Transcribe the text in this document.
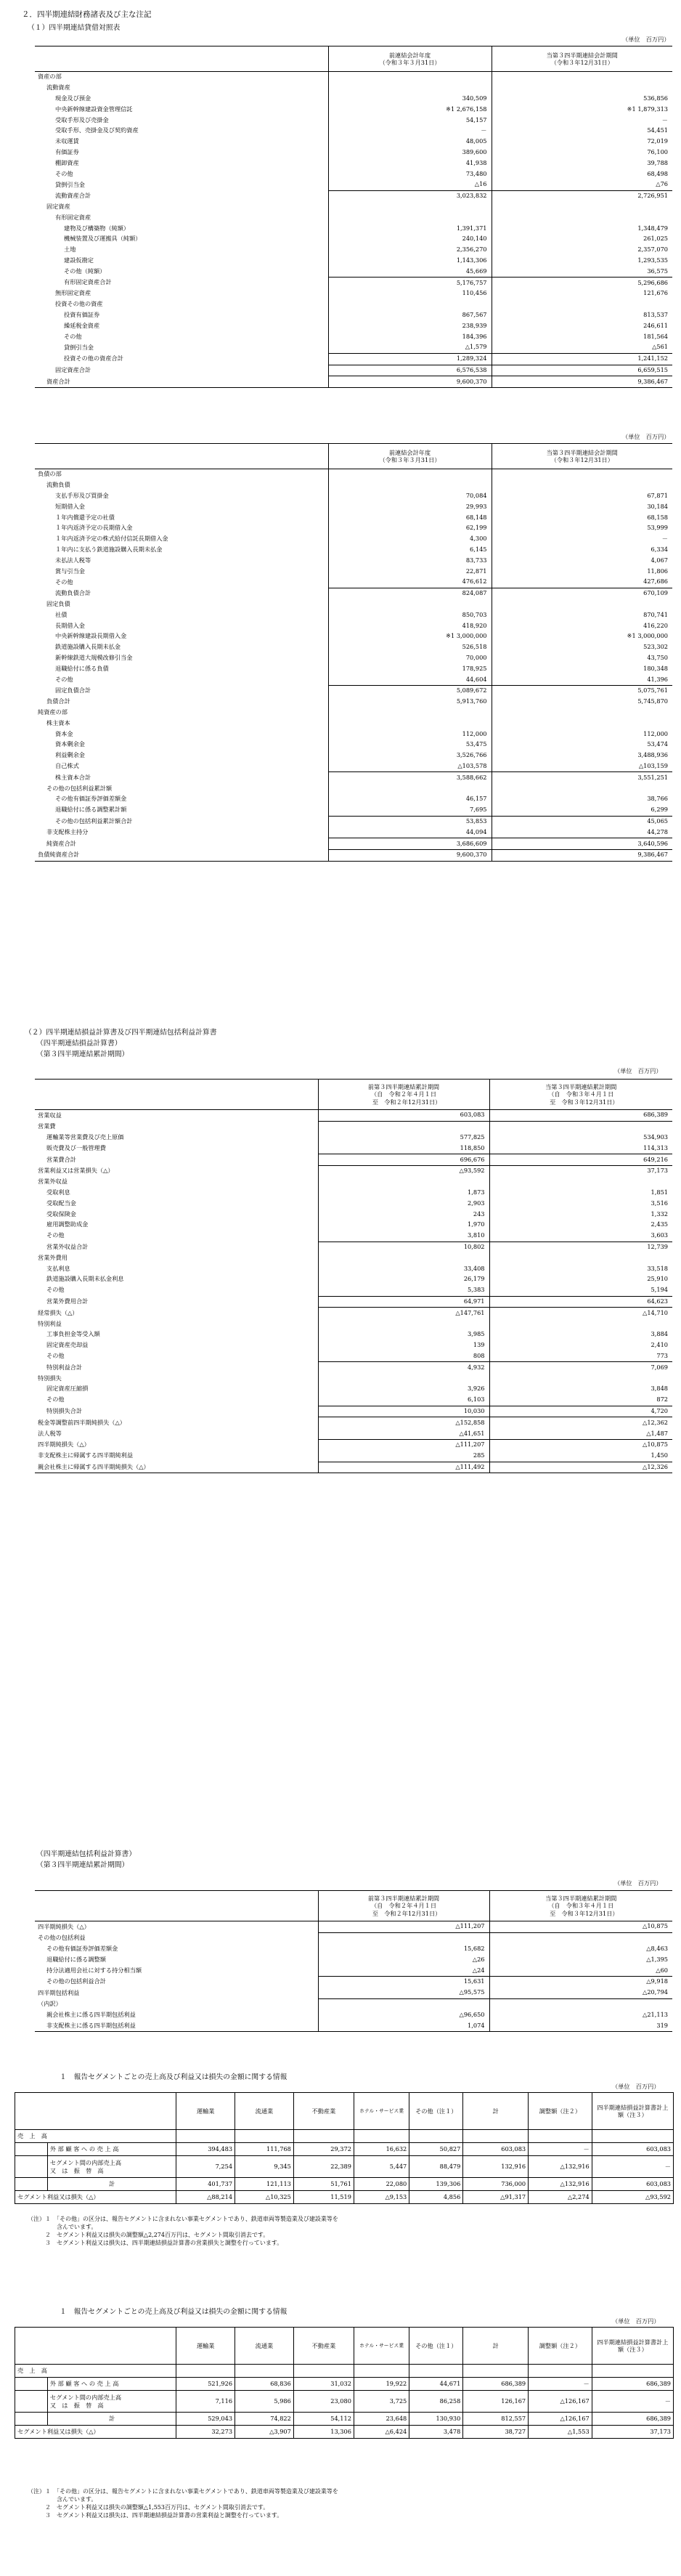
２．四半期連結財務諸表及び主な注記
（１）四半期連結貸借対照表
（単位　百万円）
	前連結会計年度
（令和３年３月31日）	当第３四半期連結会計期間
（令和３年12月31日）
資産の部		
流動資産		
現金及び預金	340,509	536,856
中央新幹線建設資金管理信託	※1 2,676,158	※1 1,879,313
受取手形及び売掛金	54,157	－
受取手形、売掛金及び契約資産	－	54,451
未収運賃	48,005	72,019
有価証券	389,600	76,100
棚卸資産	41,938	39,788
その他	73,480	68,498
貸倒引当金	△16	△76
流動資産合計	3,023,832	2,726,951
固定資産		
有形固定資産		
建物及び構築物（純額）	1,391,371	1,348,479
機械装置及び運搬具（純額）	240,140	261,025
土地	2,356,270	2,357,070
建設仮勘定	1,143,306	1,293,535
その他（純額）	45,669	36,575
有形固定資産合計	5,176,757	5,296,686
無形固定資産	110,456	121,676
投資その他の資産		
投資有価証券	867,567	813,537
繰延税金資産	238,939	246,611
その他	184,396	181,564
貸倒引当金	△1,579	△561
投資その他の資産合計	1,289,324	1,241,152
固定資産合計	6,576,538	6,659,515
資産合計	9,600,370	9,386,467
（単位　百万円）
	前連結会計年度
（令和３年３月31日）	当第３四半期連結会計期間
（令和３年12月31日）
負債の部		
流動負債		
支払手形及び買掛金	70,084	67,871
短期借入金	29,993	30,184
１年内償還予定の社債	68,148	68,158
１年内返済予定の長期借入金	62,199	53,999
１年内返済予定の株式給付信託長期借入金	4,300	－
１年内に支払う鉄道施設購入長期未払金	6,145	6,334
未払法人税等	83,733	4,067
賞与引当金	22,871	11,806
その他	476,612	427,686
流動負債合計	824,087	670,109
固定負債		
社債	850,703	870,741
長期借入金	418,920	416,220
中央新幹線建設長期借入金	※1 3,000,000	※1 3,000,000
鉄道施設購入長期未払金	526,518	523,302
新幹線鉄道大規模改修引当金	70,000	43,750
退職給付に係る負債	178,925	180,348
その他	44,604	41,396
固定負債合計	5,089,672	5,075,761
負債合計	5,913,760	5,745,870
純資産の部		
株主資本		
資本金	112,000	112,000
資本剰余金	53,475	53,474
利益剰余金	3,526,766	3,488,936
自己株式	△103,578	△103,159
株主資本合計	3,588,662	3,551,251
その他の包括利益累計額		
その他有価証券評価差額金	46,157	38,766
退職給付に係る調整累計額	7,695	6,299
その他の包括利益累計額合計	53,853	45,065
非支配株主持分	44,094	44,278
純資産合計	3,686,609	3,640,596
負債純資産合計	9,600,370	9,386,467
（２）四半期連結損益計算書及び四半期連結包括利益計算書
（四半期連結損益計算書）
（第３四半期連結累計期間）
（単位　百万円）
	前第３四半期連結累計期間
（自　令和２年４月１日
　至　令和２年12月31日）	当第３四半期連結累計期間
（自　令和３年４月１日
　至　令和３年12月31日）
営業収益	603,083	686,389
営業費		
運輸業等営業費及び売上原価	577,825	534,903
販売費及び一般管理費	118,850	114,313
営業費合計	696,676	649,216
営業利益又は営業損失（△）	△93,592	37,173
営業外収益		
受取利息	1,873	1,851
受取配当金	2,903	3,516
受取保険金	243	1,332
雇用調整助成金	1,970	2,435
その他	3,810	3,603
営業外収益合計	10,802	12,739
営業外費用		
支払利息	33,408	33,518
鉄道施設購入長期未払金利息	26,179	25,910
その他	5,383	5,194
営業外費用合計	64,971	64,623
経常損失（△）	△147,761	△14,710
特別利益		
工事負担金等受入額	3,985	3,884
固定資産売却益	139	2,410
その他	808	773
特別利益合計	4,932	7,069
特別損失		
固定資産圧縮損	3,926	3,848
その他	6,103	872
特別損失合計	10,030	4,720
税金等調整前四半期純損失（△）	△152,858	△12,362
法人税等	△41,651	△1,487
四半期純損失（△）	△111,207	△10,875
非支配株主に帰属する四半期純利益	285	1,450
親会社株主に帰属する四半期純損失（△）	△111,492	△12,326
（四半期連結包括利益計算書）
（第３四半期連結累計期間）
（単位　百万円）
	前第３四半期連結累計期間
（自　令和２年４月１日
　至　令和２年12月31日）	当第３四半期連結累計期間
（自　令和３年４月１日
　至　令和３年12月31日）
四半期純損失（△）	△111,207	△10,875
その他の包括利益		
その他有価証券評価差額金	15,682	△8,463
退職給付に係る調整額	△26	△1,395
持分法適用会社に対する持分相当額	△24	△60
その他の包括利益合計	15,631	△9,918
四半期包括利益	△95,575	△20,794
（内訳）		
親会社株主に係る四半期包括利益	△96,650	△21,113
非支配株主に係る四半期包括利益	1,074	319
１　報告セグメントごとの売上高及び利益又は損失の金額に関する情報
（単位　百万円）
		運輸業	流通業	不動産業	ホテル・サービス業	その他（注１）	計	調整額（注２）	四半期連結損益計算書計上額（注３）
売　上　高									
	外 部 顧 客 へ の 売 上 高	394,483	111,768	29,372	16,632	50,827	603,083	－	603,083
	セグメント間の内部売上高
又　は　振　替　高	7,254	9,345	22,389	5,447	88,479	132,916	△132,916	－
	計	401,737	121,113	51,761	22,080	139,306	736,000	△132,916	603,083
セグメント利益又は損失（△）		△88,214	△10,325	11,519	△9,153	4,856	△91,317	△2,274	△93,592
（注）１　「その他」の区分は、報告セグメントに含まれない事業セグメントであり、鉄道車両等製造業及び建設業等を
　　　　　含んでいます。
　　　２　セグメント利益又は損失の調整額△2,274百万円は、セグメント間取引消去です。
　　　３　セグメント利益又は損失は、四半期連結損益計算書の営業損失と調整を行っています。
１　報告セグメントごとの売上高及び利益又は損失の金額に関する情報
（単位　百万円）
		運輸業	流通業	不動産業	ホテル・サービス業	その他（注１）	計	調整額（注２）	四半期連結損益計算書計上額（注３）
売　上　高									
	外 部 顧 客 へ の 売 上 高	521,926	68,836	31,032	19,922	44,671	686,389	－	686,389
	セグメント間の内部売上高
又　は　振　替　高	7,116	5,986	23,080	3,725	86,258	126,167	△126,167	－
	計	529,043	74,822	54,112	23,648	130,930	812,557	△126,167	686,389
セグメント利益又は損失（△）		32,273	△3,907	13,306	△6,424	3,478	38,727	△1,553	37,173
（注）１　「その他」の区分は、報告セグメントに含まれない事業セグメントであり、鉄道車両等製造業及び建設業等を
　　　　　含んでいます。
　　　２　セグメント利益又は損失の調整額△1,553百万円は、セグメント間取引消去です。
　　　３　セグメント利益又は損失は、四半期連結損益計算書の営業利益と調整を行っています。
